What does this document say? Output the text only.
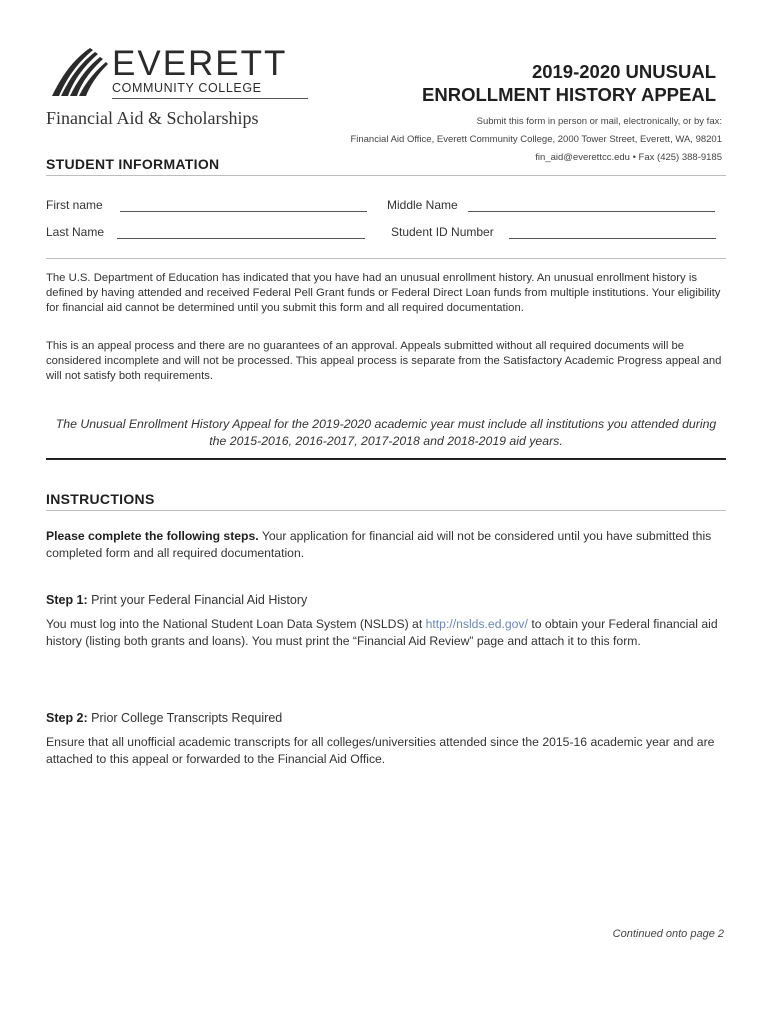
EVERETT
COMMUNITY COLLEGE
Financial Aid & Scholarships
2019-2020 UNUSUAL
ENROLLMENT HISTORY APPEAL
Submit this form in person or mail, electronically, or by fax:
Financial Aid Office, Everett Community College, 2000 Tower Street, Everett, WA, 98201
fin_aid@everettcc.edu • Fax (425) 388-9185
STUDENT INFORMATION
First name	Middle Name
Last Name	Student ID Number
The U.S. Department of Education has indicated that you have had an unusual enrollment history. An unusual enrollment history is defined by having attended and received Federal Pell Grant funds or Federal Direct Loan funds from multiple institutions. Your eligibility for financial aid cannot be determined until you submit this form and all required documentation.
This is an appeal process and there are no guarantees of an approval. Appeals submitted without all required documents will be considered incomplete and will not be processed. This appeal process is separate from the Satisfactory Academic Progress appeal and will not satisfy both requirements.
The Unusual Enrollment History Appeal for the 2019-2020 academic year must include all institutions you attended during the 2015-2016, 2016-2017, 2017-2018 and 2018-2019 aid years.
INSTRUCTIONS
Please complete the following steps. Your application for financial aid will not be considered until you have submitted this completed form and all required documentation.
Step 1: Print your Federal Financial Aid History
You must log into the National Student Loan Data System (NSLDS) at http://nslds.ed.gov/ to obtain your Federal financial aid history (listing both grants and loans). You must print the “Financial Aid Review” page and attach it to this form.
Step 2: Prior College Transcripts Required
Ensure that all unofficial academic transcripts for all colleges/universities attended since the 2015-16 academic year and are attached to this appeal or forwarded to the Financial Aid Office.
Continued onto page 2
